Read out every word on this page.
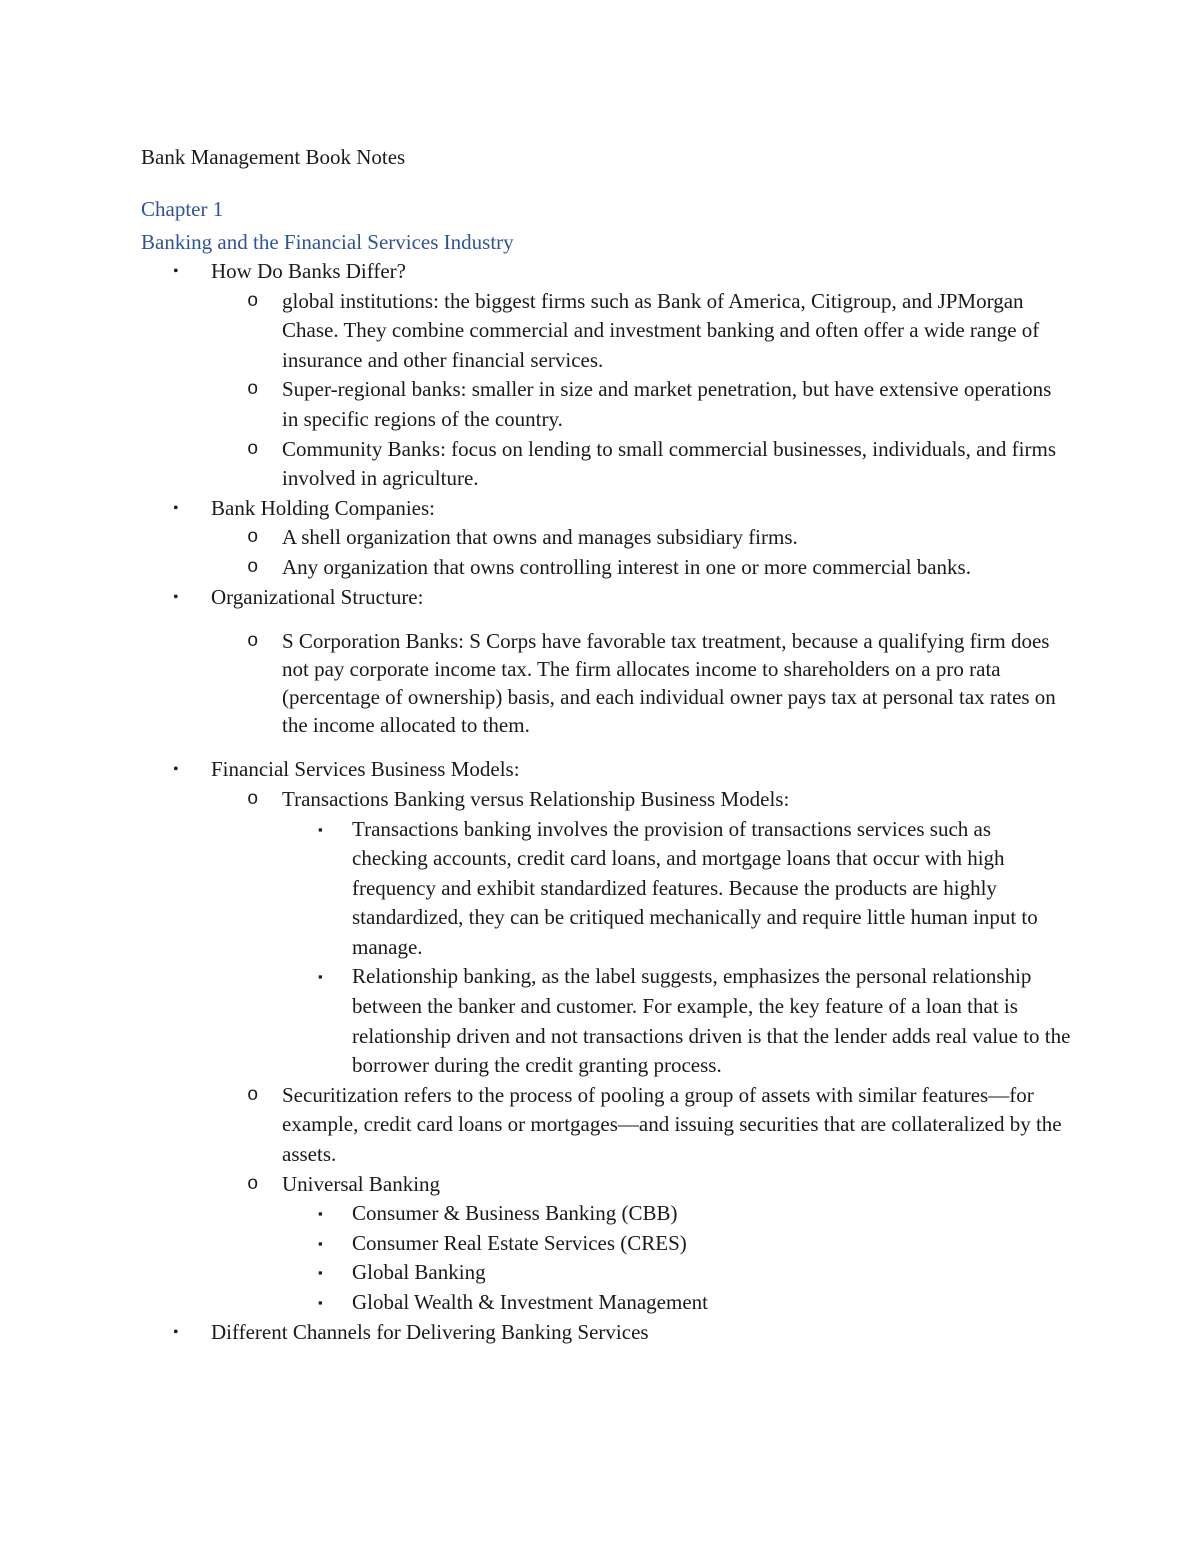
Bank Management Book Notes
Chapter 1
Banking and the Financial Services Industry
• How Do Banks Differ?
o global institutions: the biggest firms such as Bank of America, Citigroup, and JPMorgan Chase. They combine commercial and investment banking and often offer a wide range of insurance and other financial services.
o Super-regional banks: smaller in size and market penetration, but have extensive operations in specific regions of the country.
o Community Banks: focus on lending to small commercial businesses, individuals, and firms involved in agriculture.
• Bank Holding Companies:
o A shell organization that owns and manages subsidiary firms.
o Any organization that owns controlling interest in one or more commercial banks.
• Organizational Structure:
o S Corporation Banks: S Corps have favorable tax treatment, because a qualifying firm does not pay corporate income tax. The firm allocates income to shareholders on a pro rata (percentage of ownership) basis, and each individual owner pays tax at personal tax rates on the income allocated to them.
• Financial Services Business Models:
o Transactions Banking versus Relationship Business Models:
▪ Transactions banking involves the provision of transactions services such as checking accounts, credit card loans, and mortgage loans that occur with high frequency and exhibit standardized features. Because the products are highly standardized, they can be critiqued mechanically and require little human input to manage.
▪ Relationship banking, as the label suggests, emphasizes the personal relationship between the banker and customer. For example, the key feature of a loan that is relationship driven and not transactions driven is that the lender adds real value to the borrower during the credit granting process.
o Securitization refers to the process of pooling a group of assets with similar features—for example, credit card loans or mortgages—and issuing securities that are collateralized by the assets.
o Universal Banking
▪ Consumer & Business Banking (CBB)
▪ Consumer Real Estate Services (CRES)
▪ Global Banking
▪ Global Wealth & Investment Management
• Different Channels for Delivering Banking Services
